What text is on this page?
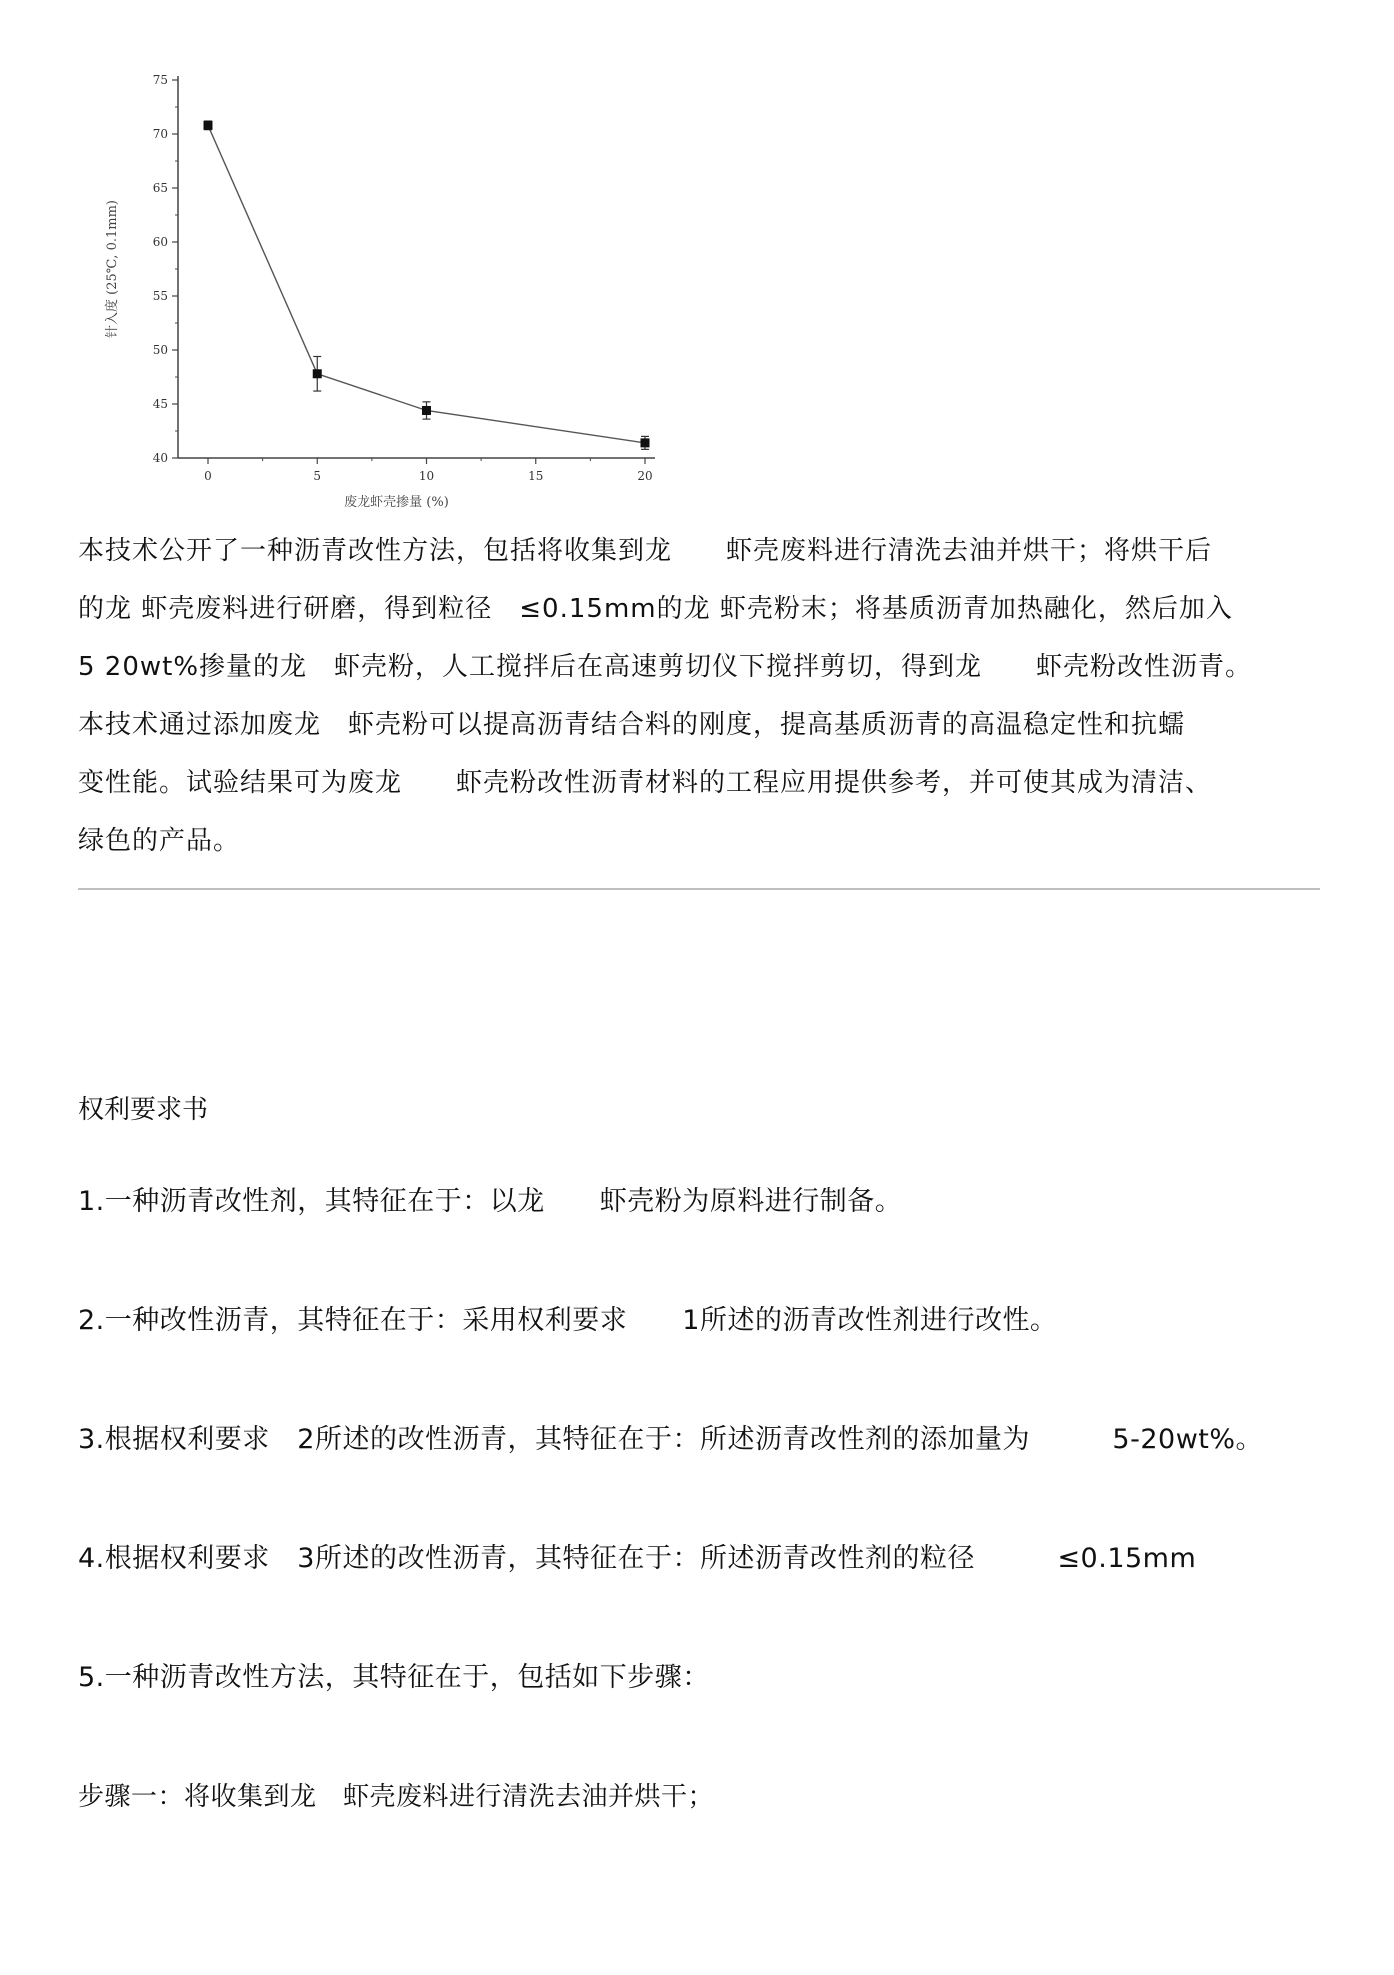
40
45
50
55
60
65
70
75
0	5	10	15	20
废龙虾壳掺量 (%)
针入度 (25℃, 0.1mm)

本技术公开了一种沥青改性方法，包括将收集到龙　　虾壳废料进行清洗去油并烘干；将烘干后

的龙 虾壳废料进行研磨，得到粒径　≤0.15mm的龙 虾壳粉末；将基质沥青加热融化，然后加入

5 20wt%掺量的龙　虾壳粉，人工搅拌后在高速剪切仪下搅拌剪切，得到龙　　虾壳粉改性沥青。

本技术通过添加废龙　虾壳粉可以提高沥青结合料的刚度，提高基质沥青的高温稳定性和抗蠕

变性能。试验结果可为废龙　　虾壳粉改性沥青材料的工程应用提供参考，并可使其成为清洁、

绿色的产品。

权利要求书

1.一种沥青改性剂，其特征在于：以龙　　虾壳粉为原料进行制备。

2.一种改性沥青，其特征在于：采用权利要求　　1所述的沥青改性剂进行改性。

3.根据权利要求　2所述的改性沥青，其特征在于：所述沥青改性剂的添加量为　　　5-20wt%。

4.根据权利要求　3所述的改性沥青，其特征在于：所述沥青改性剂的粒径　　　≤0.15mm

5.一种沥青改性方法，其特征在于，包括如下步骤：

步骤一：将收集到龙　虾壳废料进行清洗去油并烘干；
